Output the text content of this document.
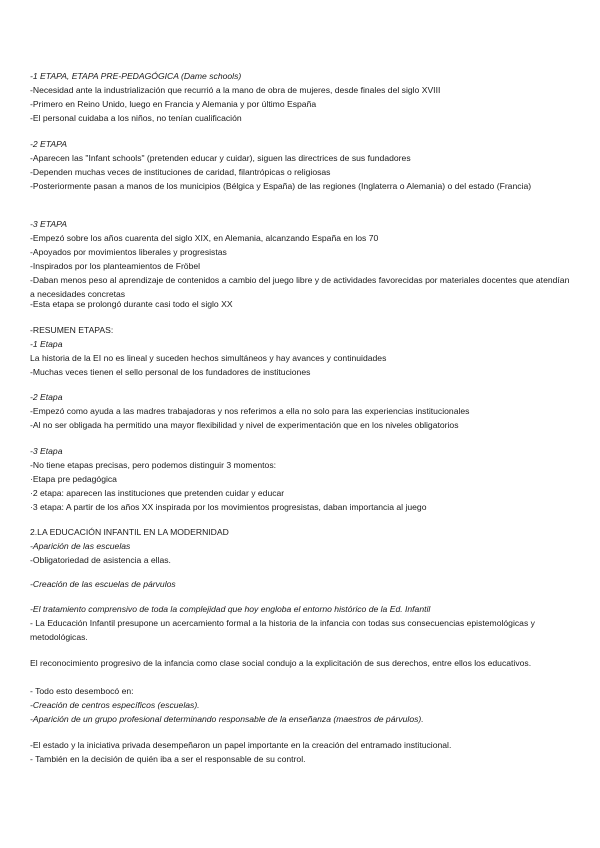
-1 ETAPA, ETAPA PRE-PEDAGÓGICA (Dame schools)
-Necesidad ante la industrialización que recurrió a la mano de obra de mujeres, desde finales del siglo XVIII
-Primero en Reino Unido, luego en Francia y Alemania y por último España
-El personal cuidaba a los niños, no tenían cualificación
-2 ETAPA
-Aparecen las "Infant schools" (pretenden educar y cuidar), siguen las directrices de sus fundadores
-Dependen muchas veces de instituciones de caridad, filantrópicas o religiosas
-Posteriormente pasan a manos de los municipios (Bélgica y España) de las regiones (Inglaterra o Alemania) o del estado (Francia)
-3 ETAPA
-Empezó sobre los años cuarenta del siglo XIX, en Alemania, alcanzando España en los 70
-Apoyados por movimientos liberales y progresistas
-Inspirados por los planteamientos de Fröbel
-Daban menos peso al aprendizaje de contenidos a cambio del juego libre y de actividades favorecidas por materiales docentes que atendían a necesidades concretas
-Esta etapa se prolongó durante casi todo el siglo XX
-RESUMEN ETAPAS:
-1 Etapa
La historia de la EI no es lineal y suceden hechos simultáneos y hay avances y continuidades
-Muchas veces tienen el sello personal de los fundadores de instituciones
-2 Etapa
-Empezó como ayuda a las madres trabajadoras y nos referimos a ella no solo para las experiencias institucionales
-Al no ser obligada ha permitido una mayor flexibilidad y nivel de experimentación que en los niveles obligatorios
-3 Etapa
-No tiene etapas precisas, pero podemos distinguir 3 momentos:
·Etapa pre pedagógica
·2 etapa: aparecen las instituciones que pretenden cuidar y educar
·3 etapa: A partir de los años XX inspirada por los movimientos progresistas, daban importancia al juego
2.LA EDUCACIÓN INFANTIL EN LA MODERNIDAD
-Aparición de las escuelas
-Obligatoriedad de asistencia a ellas.
-Creación de las escuelas de párvulos
-El tratamiento comprensivo de toda la complejidad que hoy engloba el entorno histórico de la Ed. Infantil
- La Educación Infantil presupone un acercamiento formal a la historia de la infancia con todas sus consecuencias epistemológicas y metodológicas.
El reconocimiento progresivo de la infancia como clase social condujo a la explicitación de sus derechos, entre ellos los educativos.
- Todo esto desembocó en:
-Creación de centros específicos (escuelas).
-Aparición de un grupo profesional determinando responsable de la enseñanza (maestros de párvulos).
-El estado y la iniciativa privada desempeñaron un papel importante en la creación del entramado institucional.
- También en la decisión de quién iba a ser el responsable de su control.
